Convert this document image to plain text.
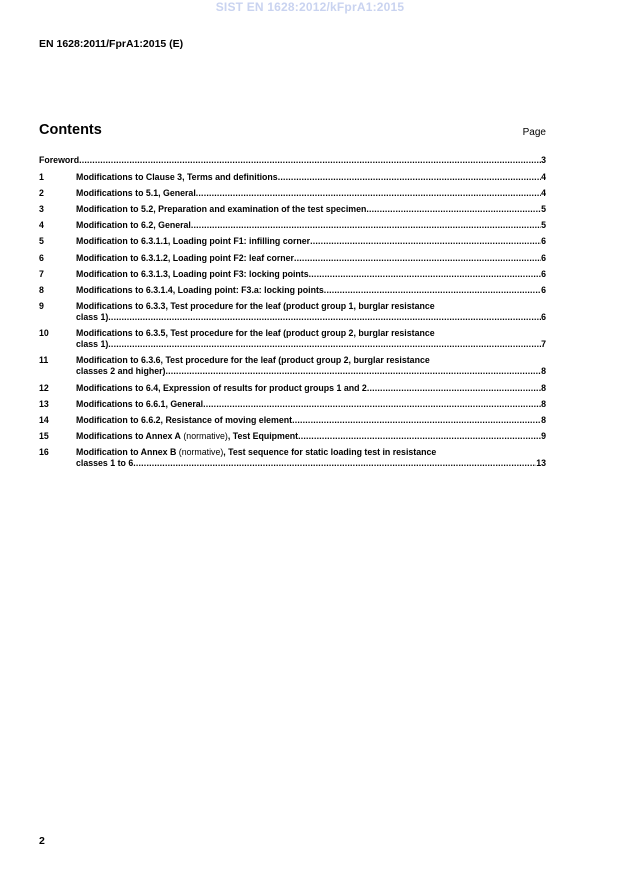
SIST EN 1628:2012/kFprA1:2015
EN 1628:2011/FprA1:2015 (E)
Contents	Page
Foreword .....	3
1	Modifications to Clause 3, Terms and definitions .....	4
2	Modifications to 5.1, General .....	4
3	Modification to 5.2, Preparation and examination of the test specimen .....	5
4	Modification to 6.2, General .....	5
5	Modification to 6.3.1.1, Loading point F1: infilling corner .....	6
6	Modification to 6.3.1.2, Loading point F2: leaf corner .....	6
7	Modification to 6.3.1.3, Loading point F3: locking points .....	6
8	Modifications to 6.3.1.4, Loading point: F3.a: locking points .....	6
9	Modifications to 6.3.3, Test procedure for the leaf (product group 1, burglar resistance
class 1) .....	6
10	Modifications to 6.3.5, Test procedure for the leaf (product group 2, burglar resistance
class 1) .....	7
11	Modification to 6.3.6, Test procedure for the leaf (product group 2, burglar resistance
classes 2 and higher) .....	8
12	Modifications to 6.4, Expression of results for product groups 1 and 2 .....	8
13	Modifications to 6.6.1, General .....	8
14	Modification to 6.6.2, Resistance of moving element .....	8
15	Modifications to Annex A (normative), Test Equipment .....	9
16	Modification to Annex B (normative), Test sequence for static loading test in resistance
classes 1 to 6 .....	13
2
